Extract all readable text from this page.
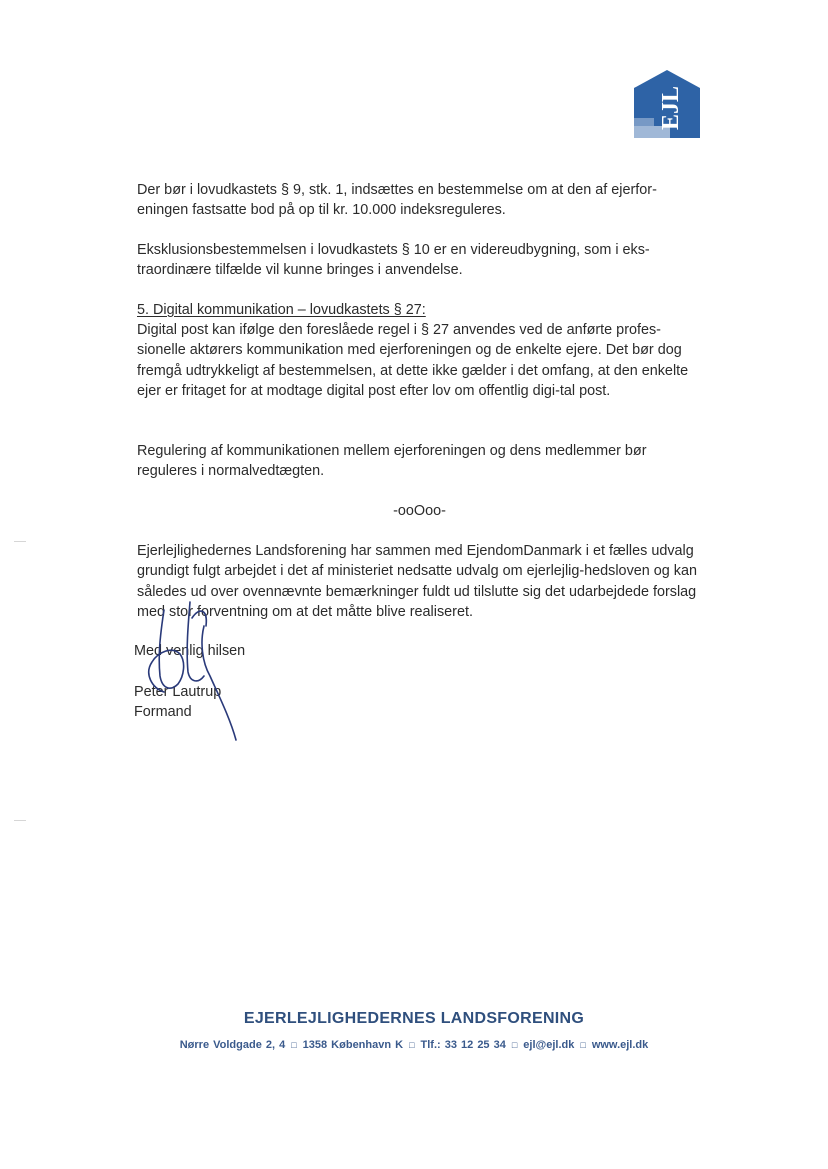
EJL

Der bør i lovudkastets § 9, stk. 1, indsættes en bestemmelse om at den af ejerfor-eningen fastsatte bod på op til kr. 10.000 indeksreguleres.

Eksklusionsbestemmelsen i lovudkastets § 10 er en videreudbygning, som i eks-traordinære tilfælde vil kunne bringes i anvendelse.

5. Digital kommunikation – lovudkastets § 27:

Digital post kan ifølge den foreslåede regel i § 27 anvendes ved de anførte profes-sionelle aktørers kommunikation med ejerforeningen og de enkelte ejere. Det bør dog fremgå udtrykkeligt af bestemmelsen, at dette ikke gælder i det omfang, at den enkelte ejer er fritaget for at modtage digital post efter lov om offentlig digi-tal post.

Regulering af kommunikationen mellem ejerforeningen og dens medlemmer bør reguleres i normalvedtægten.

-ooOoo-

Ejerlejlighedernes Landsforening har sammen med EjendomDanmark i et fælles udvalg grundigt fulgt arbejdet i det af ministeriet nedsatte udvalg om ejerlejlig-hedsloven og kan således ud over ovennævnte bemærkninger fuldt ud tilslutte sig det udarbejdede forslag med stor forventning om at det måtte blive realiseret.

Med venlig hilsen
Peter Lautrup
Formand
EJERLEJLIGHEDERNES LANDSFORENING
Nørre Voldgade 2, 4 □ 1358 København K □ Tlf.: 33 12 25 34 □ ejl@ejl.dk □ www.ejl.dk
